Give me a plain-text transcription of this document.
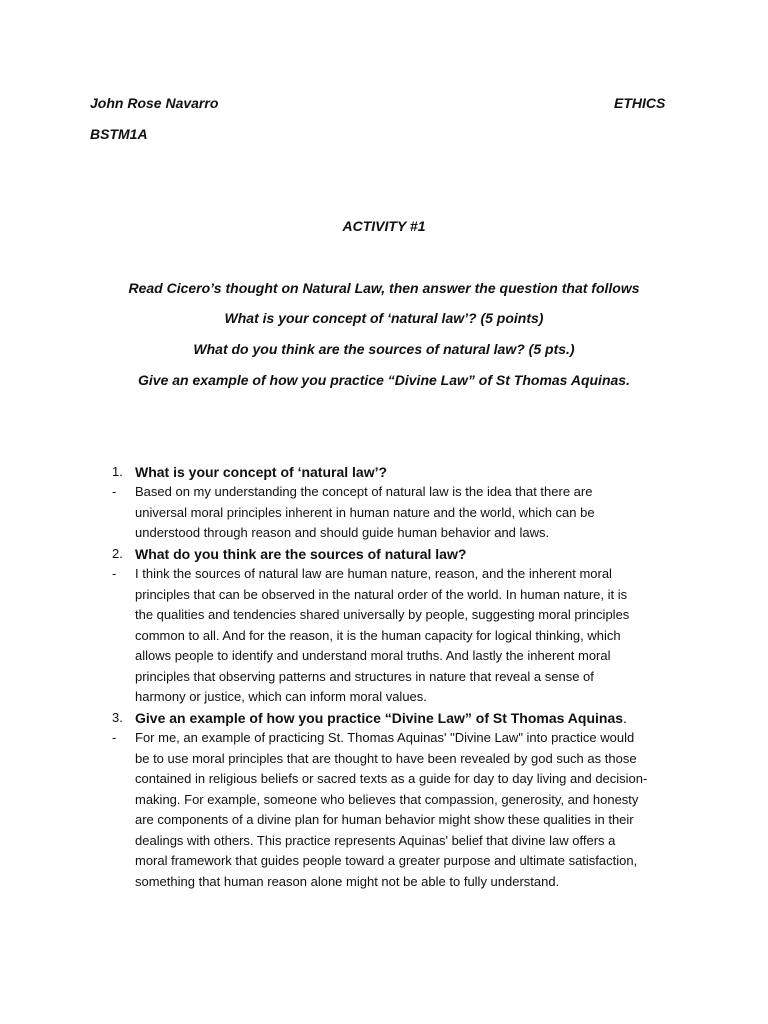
John Rose Navarro
BSTM1A
ETHICS
ACTIVITY #1
Read Cicero’s thought on Natural Law, then answer the question that follows
What is your concept of ‘natural law’? (5 points)
What do you think are the sources of natural law? (5 pts.)
Give an example of how you practice “Divine Law” of St Thomas Aquinas.
1. What is your concept of ‘natural law’?
- Based on my understanding the concept of natural law is the idea that there are
universal moral principles inherent in human nature and the world, which can be
understood through reason and should guide human behavior and laws.
2. What do you think are the sources of natural law?
- I think the sources of natural law are human nature, reason, and the inherent moral
principles that can be observed in the natural order of the world. In human nature, it is
the qualities and tendencies shared universally by people, suggesting moral principles
common to all. And for the reason, it is the human capacity for logical thinking, which
allows people to identify and understand moral truths. And lastly the inherent moral
principles that observing patterns and structures in nature that reveal a sense of
harmony or justice, which can inform moral values.
3. Give an example of how you practice “Divine Law” of St Thomas Aquinas.
- For me, an example of practicing St. Thomas Aquinas' "Divine Law" into practice would
be to use moral principles that are thought to have been revealed by god such as those
contained in religious beliefs or sacred texts as a guide for day to day living and decision-
making. For example, someone who believes that compassion, generosity, and honesty
are components of a divine plan for human behavior might show these qualities in their
dealings with others. This practice represents Aquinas' belief that divine law offers a
moral framework that guides people toward a greater purpose and ultimate satisfaction,
something that human reason alone might not be able to fully understand.
